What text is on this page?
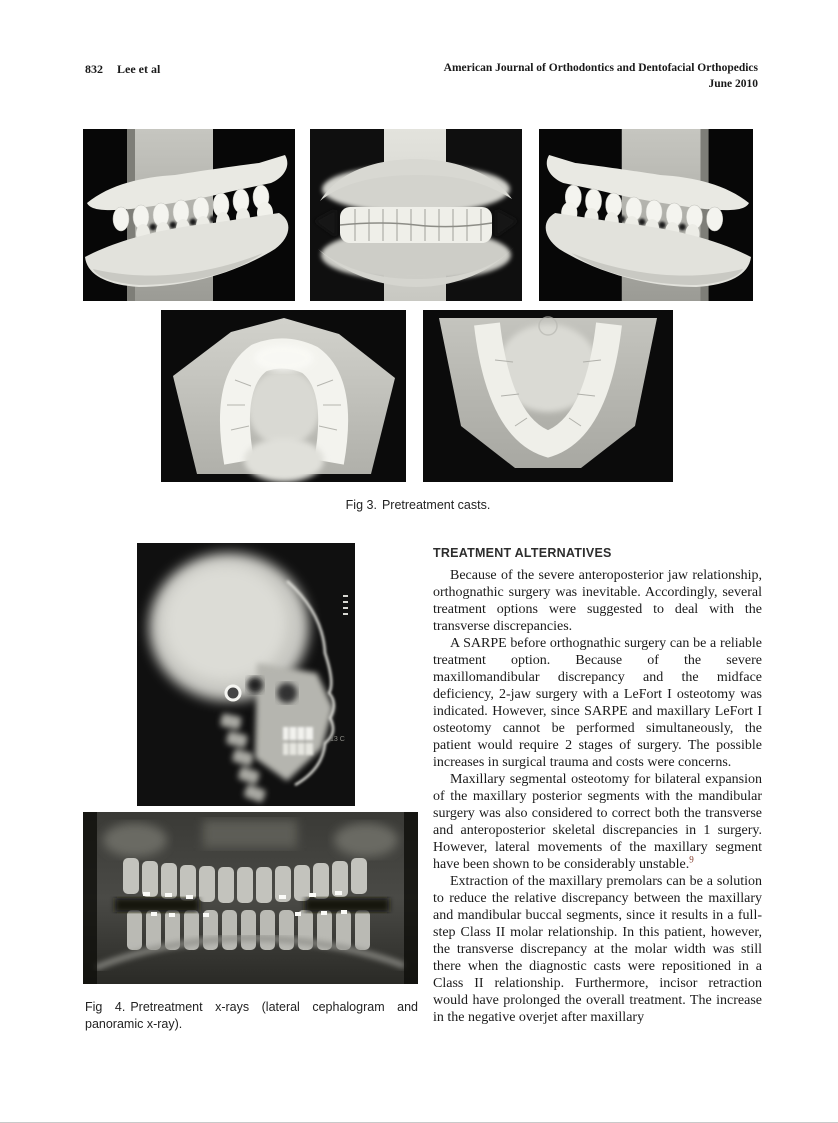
832 Lee et al	American Journal of Orthodontics and Dentofacial Orthopedics
June 2010
Fig 3. Pretreatment casts.
13 C
Fig 4. Pretreatment x-rays (lateral cephalogram and panoramic x-ray).
TREATMENT ALTERNATIVES

Because of the severe anteroposterior jaw relationship, orthognathic surgery was inevitable. Accordingly, several treatment options were suggested to deal with the transverse discrepancies.

A SARPE before orthognathic surgery can be a reliable treatment option. Because of the severe maxillomandibular discrepancy and the midface deficiency, 2-jaw surgery with a LeFort I osteotomy was indicated. However, since SARPE and maxillary LeFort I osteotomy cannot be performed simultaneously, the patient would require 2 stages of surgery. The possible increases in surgical trauma and costs were concerns.

Maxillary segmental osteotomy for bilateral expansion of the maxillary posterior segments with the mandibular surgery was also considered to correct both the transverse and anteroposterior skeletal discrepancies in 1 surgery. However, lateral movements of the maxillary segment have been shown to be considerably unstable.$^9$

Extraction of the maxillary premolars can be a solution to reduce the relative discrepancy between the maxillary and mandibular buccal segments, since it results in a full-step Class II molar relationship. In this patient, however, the transverse discrepancy at the molar width was still there when the diagnostic casts were repositioned in a Class II relationship. Furthermore, incisor retraction would have prolonged the overall treatment. The increase in the negative overjet after maxillary
